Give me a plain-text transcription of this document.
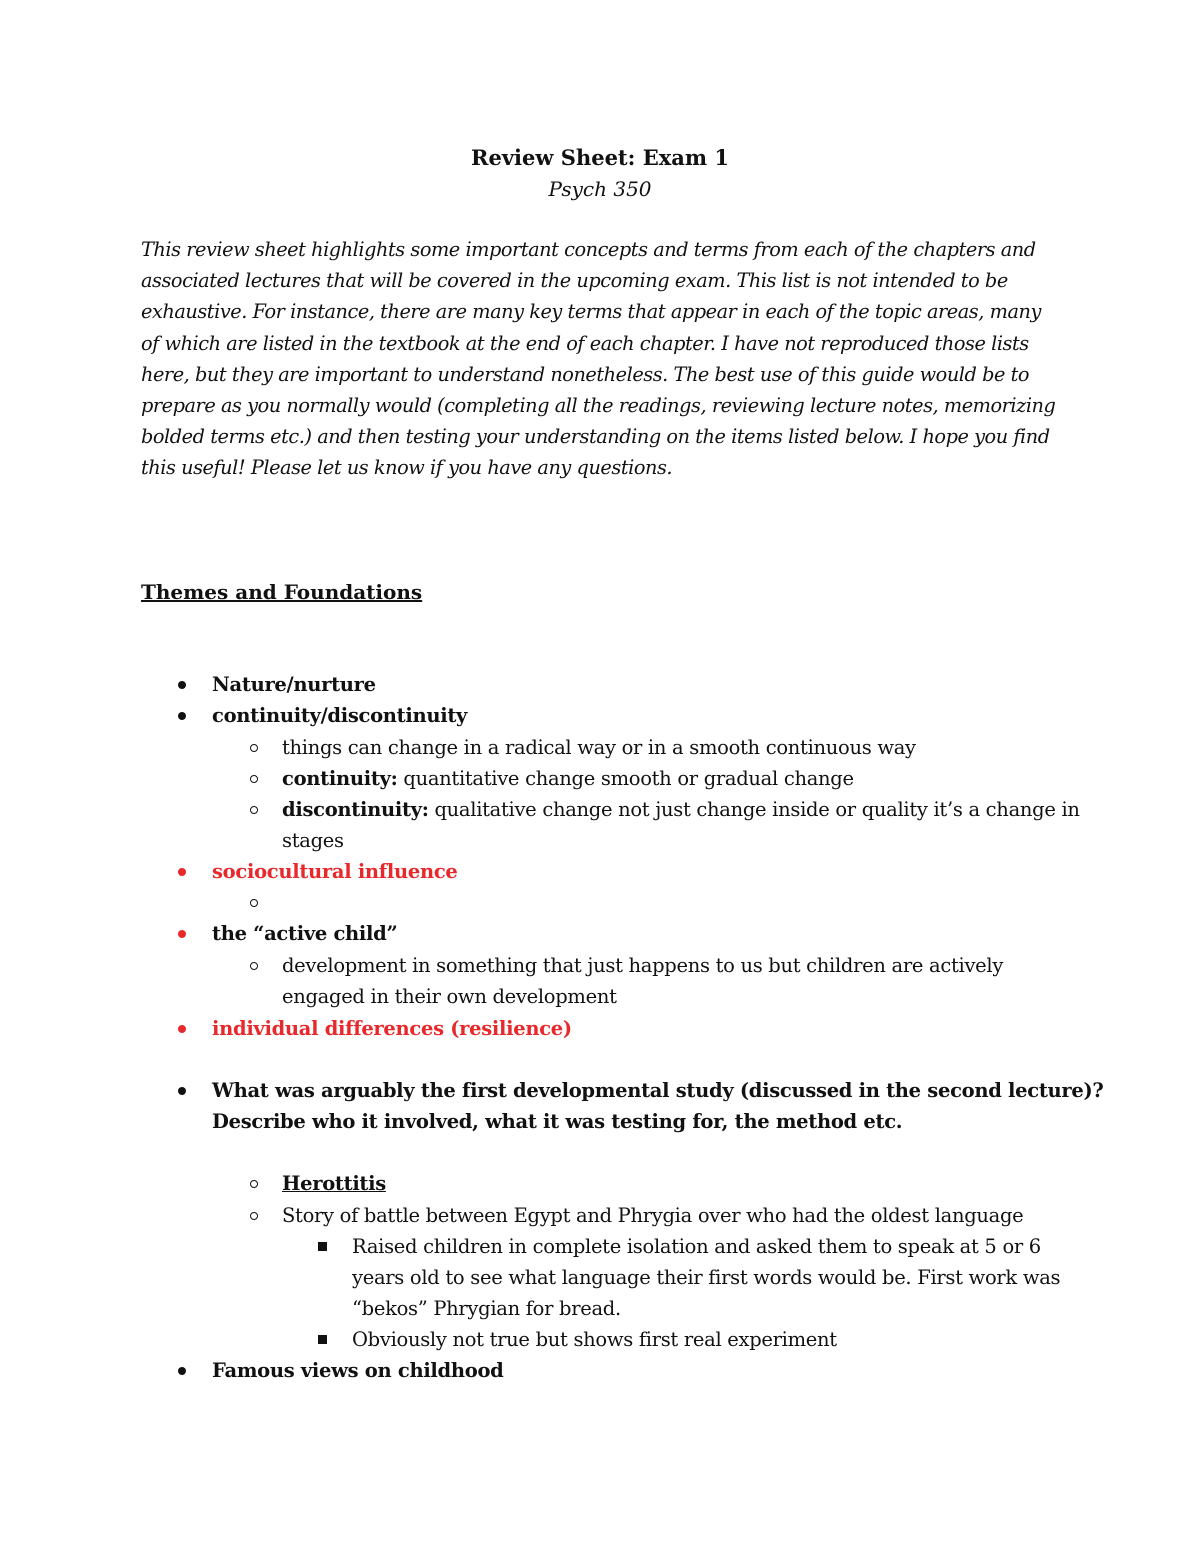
Review Sheet: Exam 1
Psych 350
This review sheet highlights some important concepts and terms from each of the chapters and
associated lectures that will be covered in the upcoming exam. This list is not intended to be
exhaustive. For instance, there are many key terms that appear in each of the topic areas, many
of which are listed in the textbook at the end of each chapter. I have not reproduced those lists
here, but they are important to understand nonetheless. The best use of this guide would be to
prepare as you normally would (completing all the readings, reviewing lecture notes, memorizing
bolded terms etc.) and then testing your understanding on the items listed below. I hope you find
this useful! Please let us know if you have any questions.
Themes and Foundations
Nature/nurture
continuity/discontinuity
things can change in a radical way or in a smooth continuous way
continuity: quantitative change smooth or gradual change
discontinuity: qualitative change not just change inside or quality it’s a change in
stages
sociocultural influence
the “active child”
development in something that just happens to us but children are actively
engaged in their own development
individual differences (resilience)
What was arguably the first developmental study (discussed in the second lecture)?
Describe who it involved, what it was testing for, the method etc.
Herottitis
Story of battle between Egypt and Phrygia over who had the oldest language
Raised children in complete isolation and asked them to speak at 5 or 6
years old to see what language their first words would be. First work was
“bekos” Phrygian for bread.
Obviously not true but shows first real experiment
Famous views on childhood
